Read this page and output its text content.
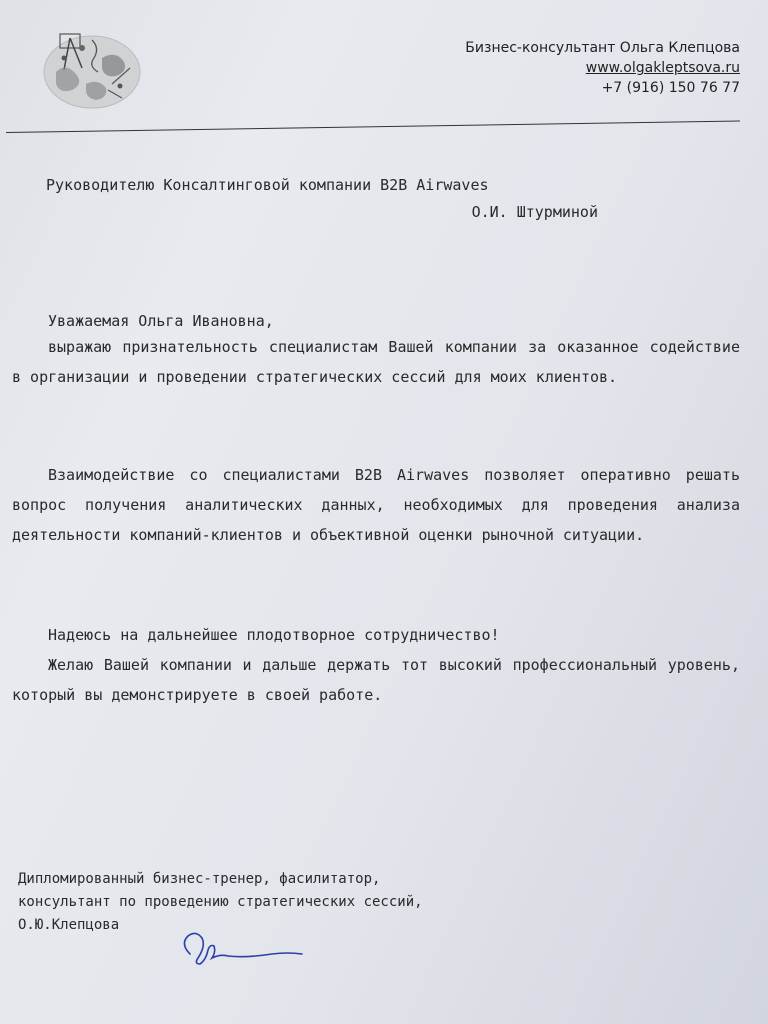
Бизнес-консультант Ольга Клепцова
www.olgakleptsova.ru
+7 (916) 150 76 77
Руководителю Консалтинговой компании B2B Airwaves
О.И. Штурминой
Уважаемая Ольга Ивановна,
выражаю признательность специалистам Вашей компании за оказанное содействие в организации и проведении стратегических сессий для моих клиентов.
Взаимодействие со специалистами B2B Airwaves позволяет оперативно решать вопрос получения аналитических данных, необходимых для проведения анализа деятельности компаний-клиентов и объективной оценки рыночной ситуации.
Надеюсь на дальнейшее плодотворное сотрудничество!
Желаю Вашей компании и дальше держать тот высокий профессиональный уровень, который вы демонстрируете в своей работе.
Дипломированный бизнес-тренер, фасилитатор,
консультант по проведению стратегических сессий,
О.Ю.Клепцова
